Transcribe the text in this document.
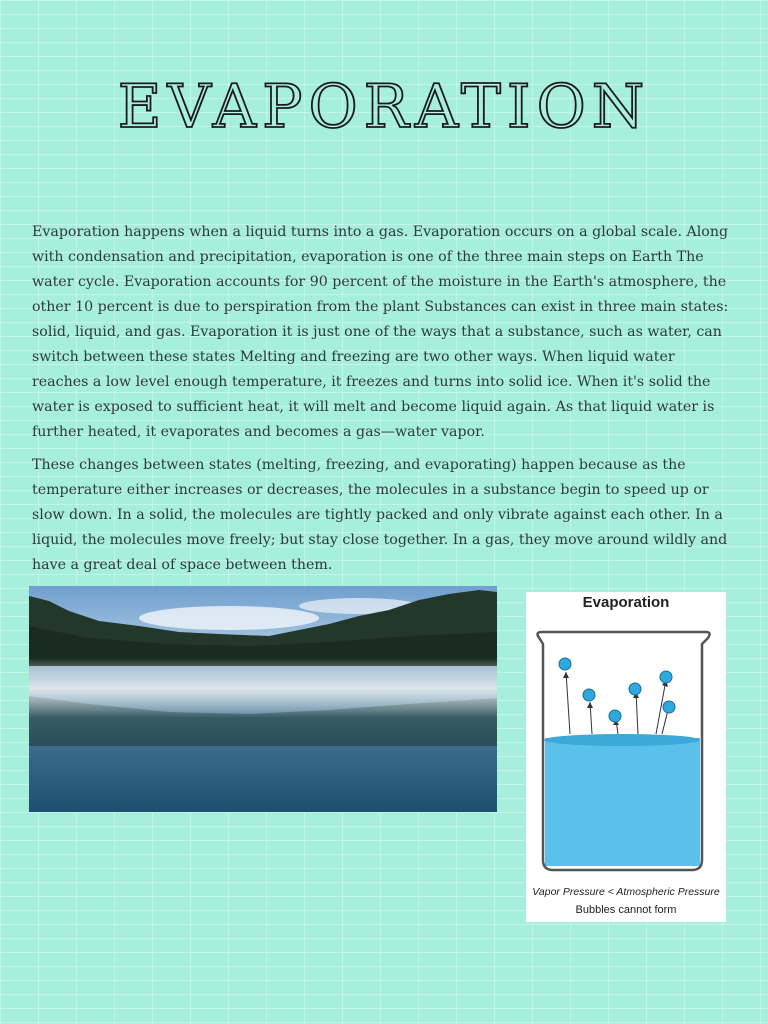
EVAPORATION

Evaporation happens when a liquid turns into a gas. Evaporation occurs on a global scale. Along with condensation and precipitation, evaporation is one of the three main steps on Earth The water cycle. Evaporation accounts for 90 percent of the moisture in the Earth's atmosphere, the other 10 percent is due to perspiration from the plant Substances can exist in three main states: solid, liquid, and gas. Evaporation it is just one of the ways that a substance, such as water, can switch between these states Melting and freezing are two other ways. When liquid water reaches a low level enough temperature, it freezes and turns into solid ice. When it's solid the water is exposed to sufficient heat, it will melt and become liquid again. As that liquid water is further heated, it evaporates and becomes a gas—water vapor.

These changes between states (melting, freezing, and evaporating) happen because as the temperature either increases or decreases, the molecules in a substance begin to speed up or slow down. In a solid, the molecules are tightly packed and only vibrate against each other. In a liquid, the molecules move freely; but stay close together. In a gas, they move around wildly and have a great deal of space between them.

Evaporation
Vapor Pressure < Atmospheric Pressure
Bubbles cannot form
